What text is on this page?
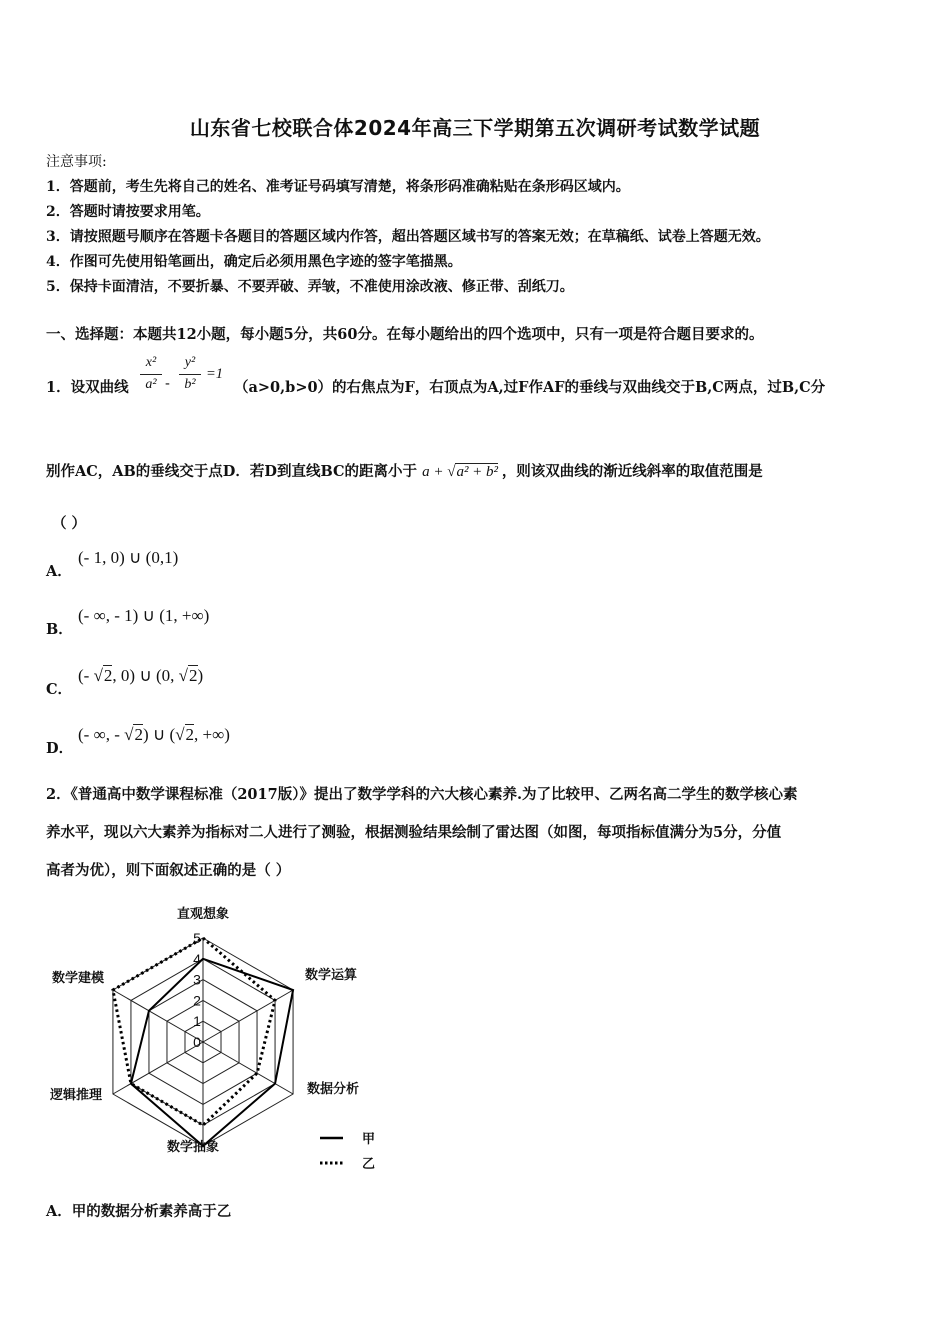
山东省七校联合体2024年高三下学期第五次调研考试数学试题
注意事项:
1．答题前，考生先将自己的姓名、准考证号码填写清楚，将条形码准确粘贴在条形码区域内。
2．答题时请按要求用笔。
3．请按照题号顺序在答题卡各题目的答题区域内作答，超出答题区域书写的答案无效；在草稿纸、试卷上答题无效。
4．作图可先使用铅笔画出，确定后必须用黑色字迹的签字笔描黑。
5．保持卡面清洁，不要折暴、不要弄破、弄皱，不准使用涂改液、修正带、刮纸刀。
一、选择题：本题共12小题，每小题5分，共60分。在每小题给出的四个选项中，只有一项是符合题目要求的。
1．设双曲线
x²
a² -
y²
b²
=1
（a>0,b>0）的右焦点为F，右顶点为A,过F作AF的垂线与双曲线交于B,C两点，过B,C分
别作AC，AB的垂线交于点D．若D到直线BC的距离小于 a + √a² + b² ，则该双曲线的渐近线斜率的取值范围是
（ ）
A．
(- 1, 0) ∪ (0,1)
B．
(- ∞, - 1) ∪ (1, +∞)
C．
(- √2, 0) ∪ (0, √2)
D．
(- ∞, - √2) ∪ (√2, +∞)
2．《普通高中数学课程标准（2017版）》提出了数学学科的六大核心素养.为了比较甲、乙两名高二学生的数学核心素
养水平，现以六大素养为指标对二人进行了测验，根据测验结果绘制了雷达图（如图，每项指标值满分为5分，分值
高者为优），则下面叙述正确的是（ ）
0
1
2
3
4
5
直观想象
数学运算
数据分析
数学抽象
逻辑推理
数学建模
甲
乙
A．甲的数据分析素养高于乙
